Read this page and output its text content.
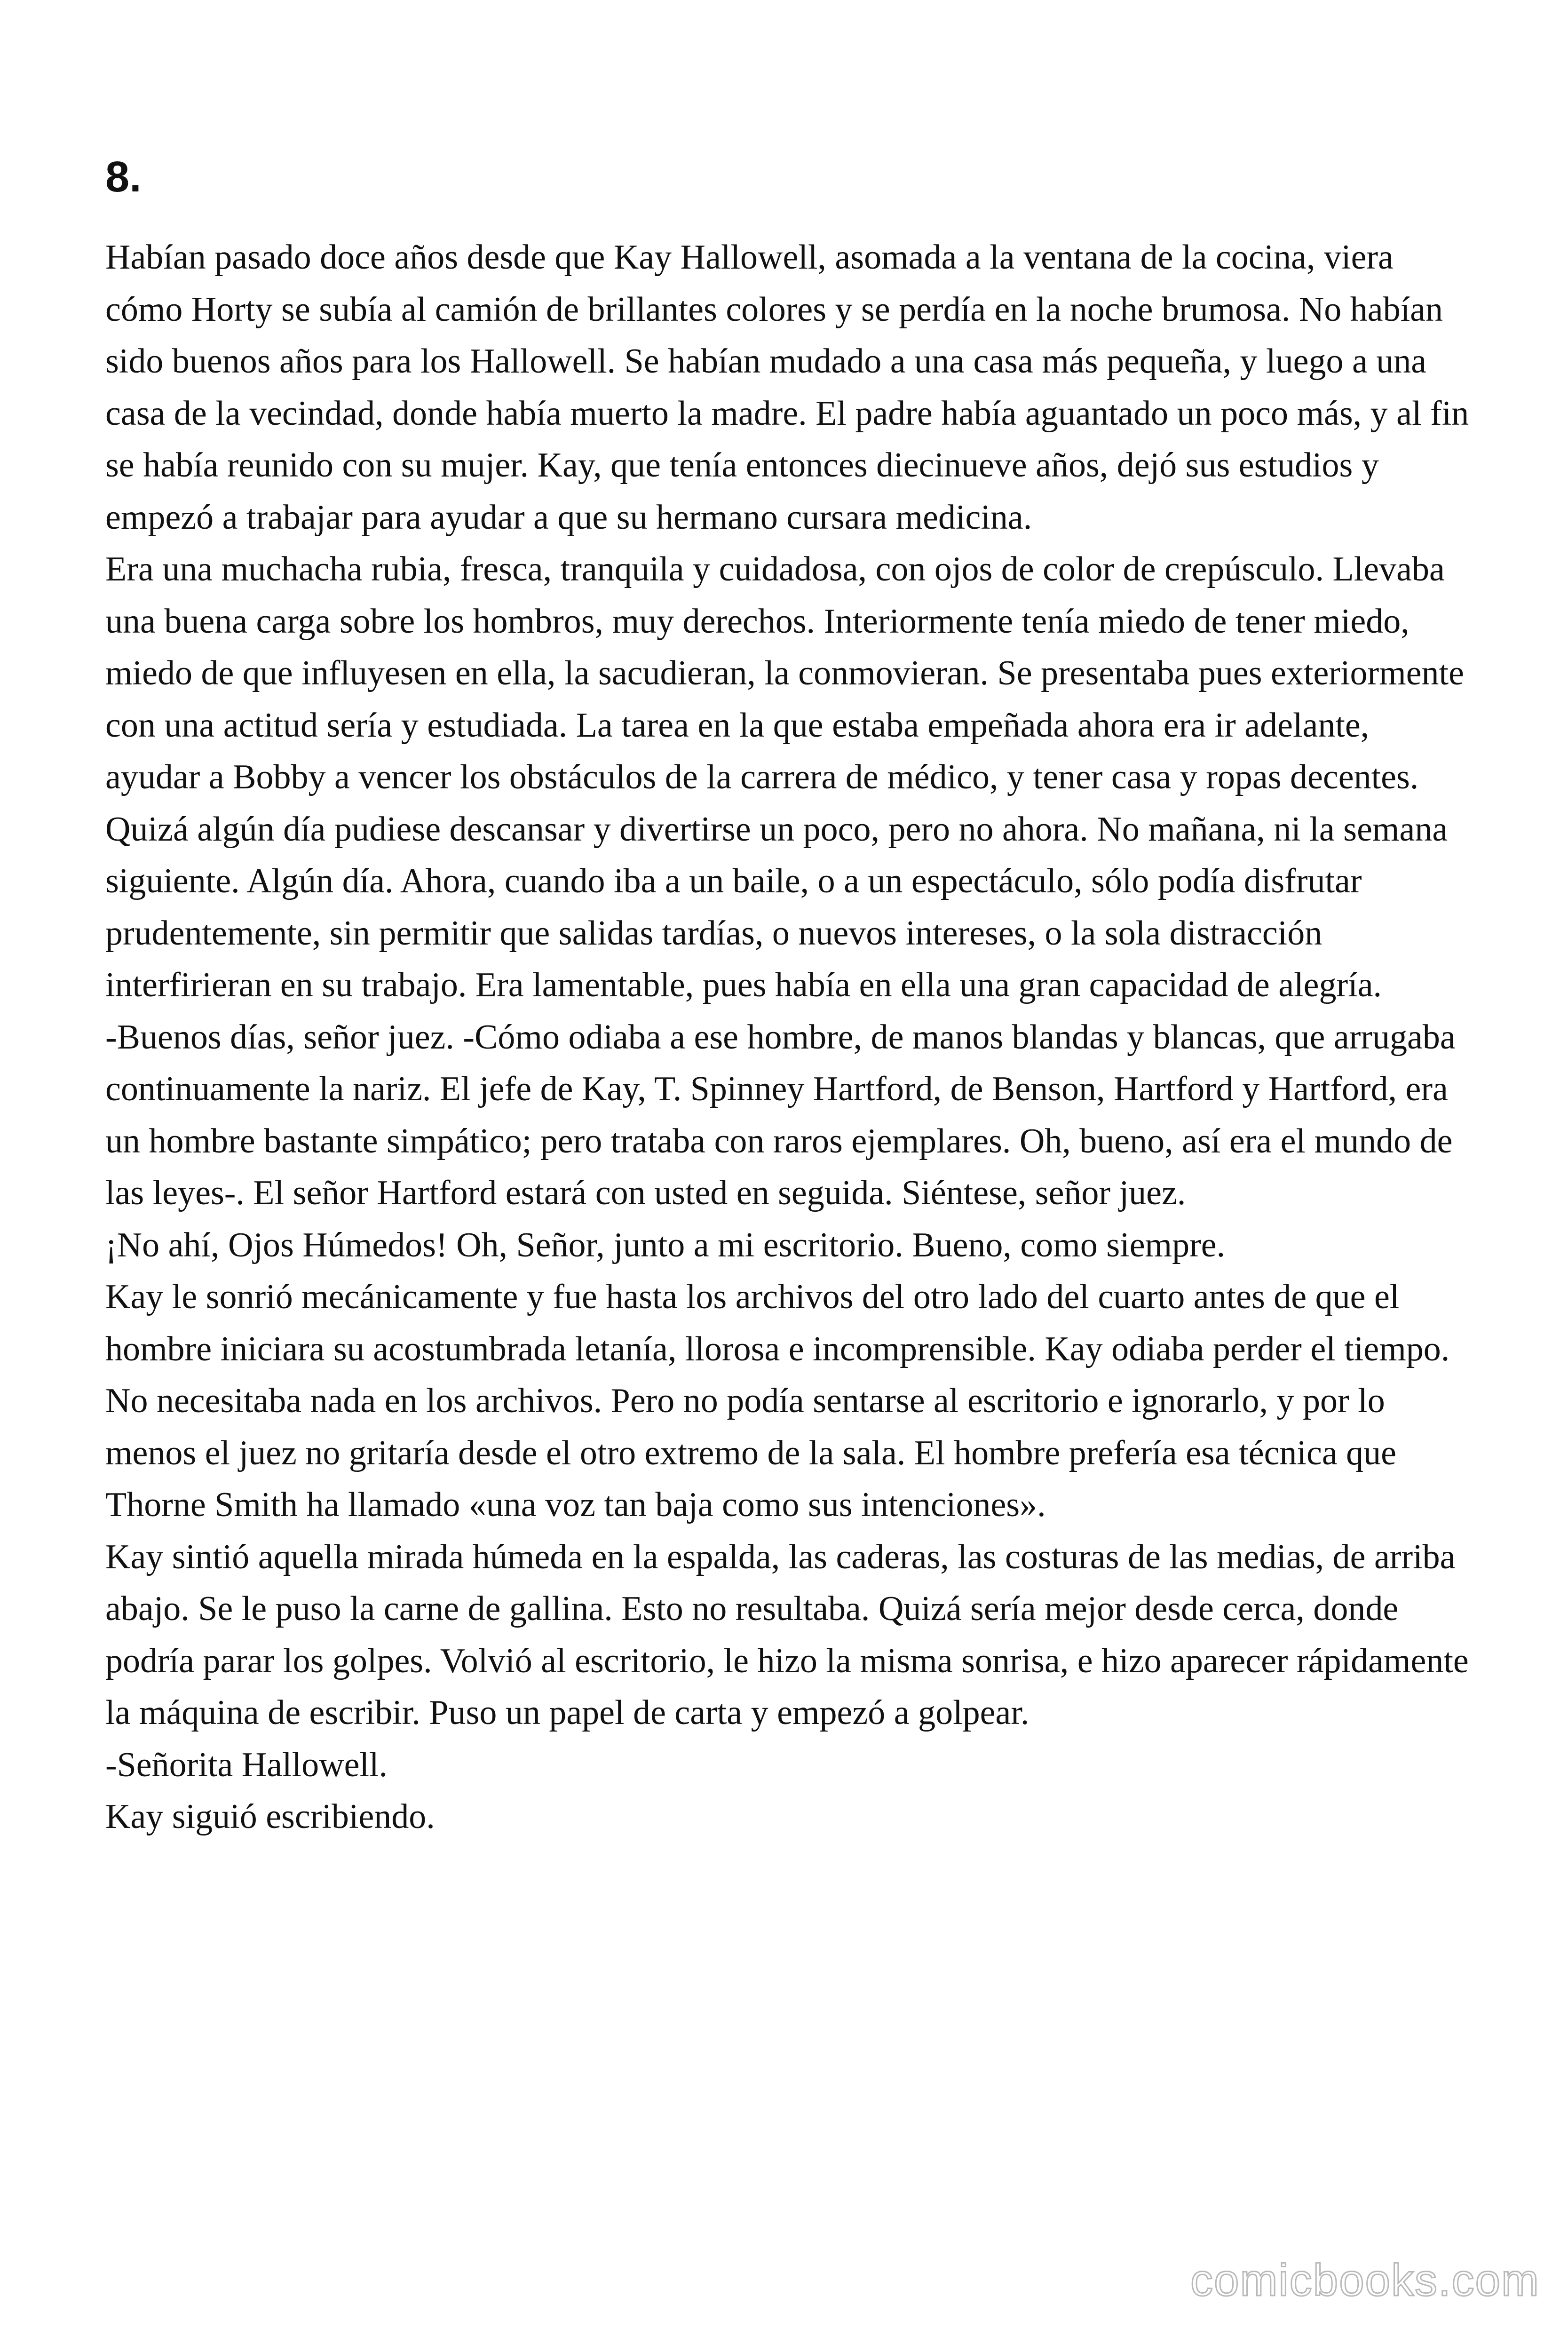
8.

Habían pasado doce años desde que Kay Hallowell, asomada a la ventana de la cocina, viera cómo Horty se subía al camión de brillantes colores y se perdía en la noche brumosa. No habían sido buenos años para los Hallowell. Se habían mudado a una casa más pequeña, y luego a una casa de la vecindad, donde había muerto la madre. El padre había aguantado un poco más, y al fin se había reunido con su mujer. Kay, que tenía entonces diecinueve años, dejó sus estudios y empezó a trabajar para ayudar a que su hermano cursara medicina.

Era una muchacha rubia, fresca, tranquila y cuidadosa, con ojos de color de crepúsculo. Llevaba una buena carga sobre los hombros, muy derechos. Interiormente tenía miedo de tener miedo, miedo de que influyesen en ella, la sacudieran, la conmovieran. Se presentaba pues exteriormente con una actitud sería y estudiada. La tarea en la que estaba empeñada ahora era ir adelante, ayudar a Bobby a vencer los obstáculos de la carrera de médico, y tener casa y ropas decentes. Quizá algún día pudiese descansar y divertirse un poco, pero no ahora. No mañana, ni la semana siguiente. Algún día. Ahora, cuando iba a un baile, o a un espectáculo, sólo podía disfrutar prudentemente, sin permitir que salidas tardías, o nuevos intereses, o la sola distracción interfirieran en su trabajo. Era lamentable, pues había en ella una gran capacidad de alegría.

-Buenos días, señor juez. -Cómo odiaba a ese hombre, de manos blandas y blancas, que arrugaba continuamente la nariz. El jefe de Kay, T. Spinney Hartford, de Benson, Hartford y Hartford, era un hombre bastante simpático; pero trataba con raros ejemplares. Oh, bueno, así era el mundo de las leyes-. El señor Hartford estará con usted en seguida. Siéntese, señor juez.

¡No ahí, Ojos Húmedos! Oh, Señor, junto a mi escritorio. Bueno, como siempre.

Kay le sonrió mecánicamente y fue hasta los archivos del otro lado del cuarto antes de que el hombre iniciara su acostumbrada letanía, llorosa e incomprensible. Kay odiaba perder el tiempo. No necesitaba nada en los archivos. Pero no podía sentarse al escritorio e ignorarlo, y por lo menos el juez no gritaría desde el otro extremo de la sala. El hombre prefería esa técnica que Thorne Smith ha llamado «una voz tan baja como sus intenciones».

Kay sintió aquella mirada húmeda en la espalda, las caderas, las costuras de las medias, de arriba abajo. Se le puso la carne de gallina. Esto no resultaba. Quizá sería mejor desde cerca, donde podría parar los golpes. Volvió al escritorio, le hizo la misma sonrisa, e hizo aparecer rápidamente la máquina de escribir. Puso un papel de carta y empezó a golpear.

-Señorita Hallowell.

Kay siguió escribiendo.

comicbooks.com
